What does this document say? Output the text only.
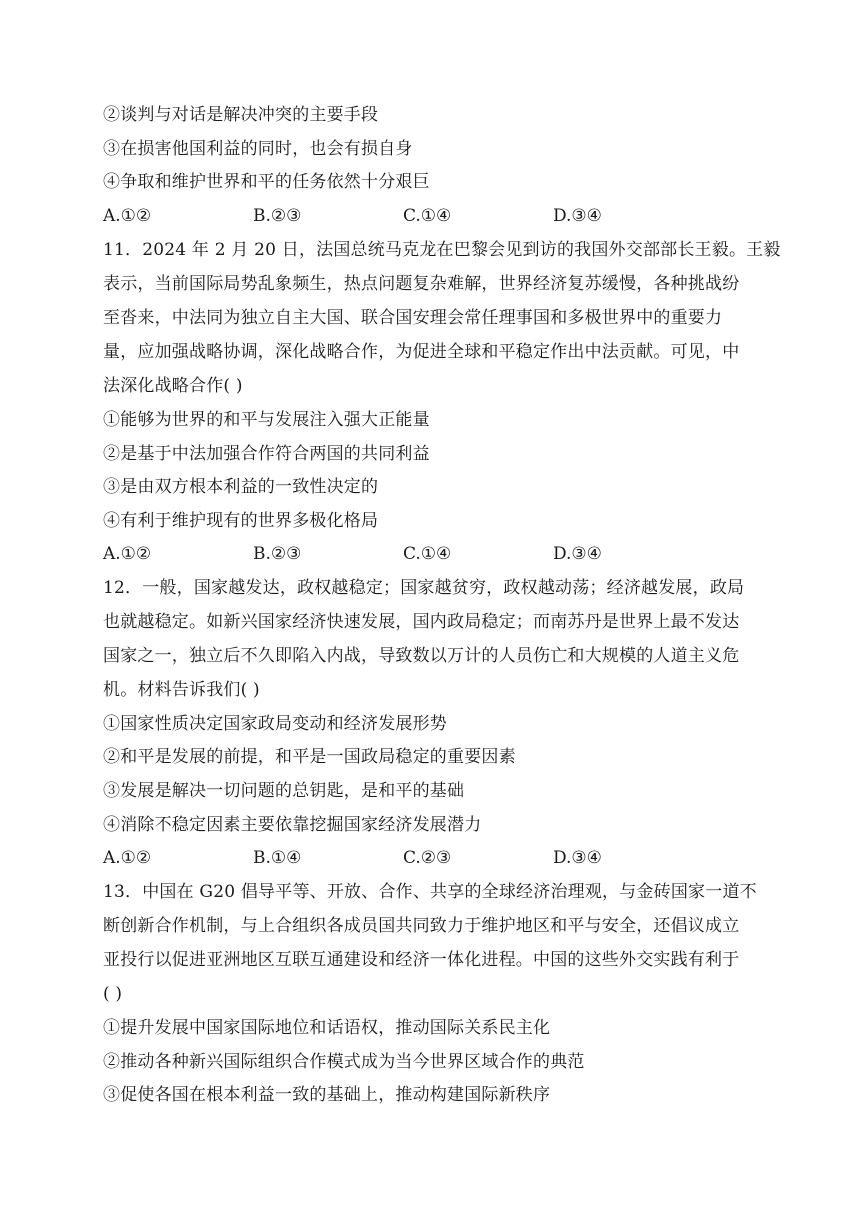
②谈判与对话是解决冲突的主要手段
③在损害他国利益的同时，也会有损自身
④争取和维护世界和平的任务依然十分艰巨
A.①②	B.②③	C.①④	D.③④
11．2024 年 2 月 20 日，法国总统马克龙在巴黎会见到访的我国外交部部长王毅。王毅
表示，当前国际局势乱象频生，热点问题复杂难解，世界经济复苏缓慢，各种挑战纷
至沓来，中法同为独立自主大国、联合国安理会常任理事国和多极世界中的重要力
量，应加强战略协调，深化战略合作，为促进全球和平稳定作出中法贡献。可见，中
法深化战略合作( )
①能够为世界的和平与发展注入强大正能量
②是基于中法加强合作符合两国的共同利益
③是由双方根本利益的一致性决定的
④有利于维护现有的世界多极化格局
A.①②	B.②③	C.①④	D.③④
12．一般，国家越发达，政权越稳定；国家越贫穷，政权越动荡；经济越发展，政局
也就越稳定。如新兴国家经济快速发展，国内政局稳定；而南苏丹是世界上最不发达
国家之一，独立后不久即陷入内战，导致数以万计的人员伤亡和大规模的人道主义危
机。材料告诉我们( )
①国家性质决定国家政局变动和经济发展形势
②和平是发展的前提，和平是一国政局稳定的重要因素
③发展是解决一切问题的总钥匙，是和平的基础
④消除不稳定因素主要依靠挖掘国家经济发展潜力
A.①②	B.①④	C.②③	D.③④
13．中国在 G20 倡导平等、开放、合作、共享的全球经济治理观，与金砖国家一道不
断创新合作机制，与上合组织各成员国共同致力于维护地区和平与安全，还倡议成立
亚投行以促进亚洲地区互联互通建设和经济一体化进程。中国的这些外交实践有利于
( )
①提升发展中国家国际地位和话语权，推动国际关系民主化
②推动各种新兴国际组织合作模式成为当今世界区域合作的典范
③促使各国在根本利益一致的基础上，推动构建国际新秩序
